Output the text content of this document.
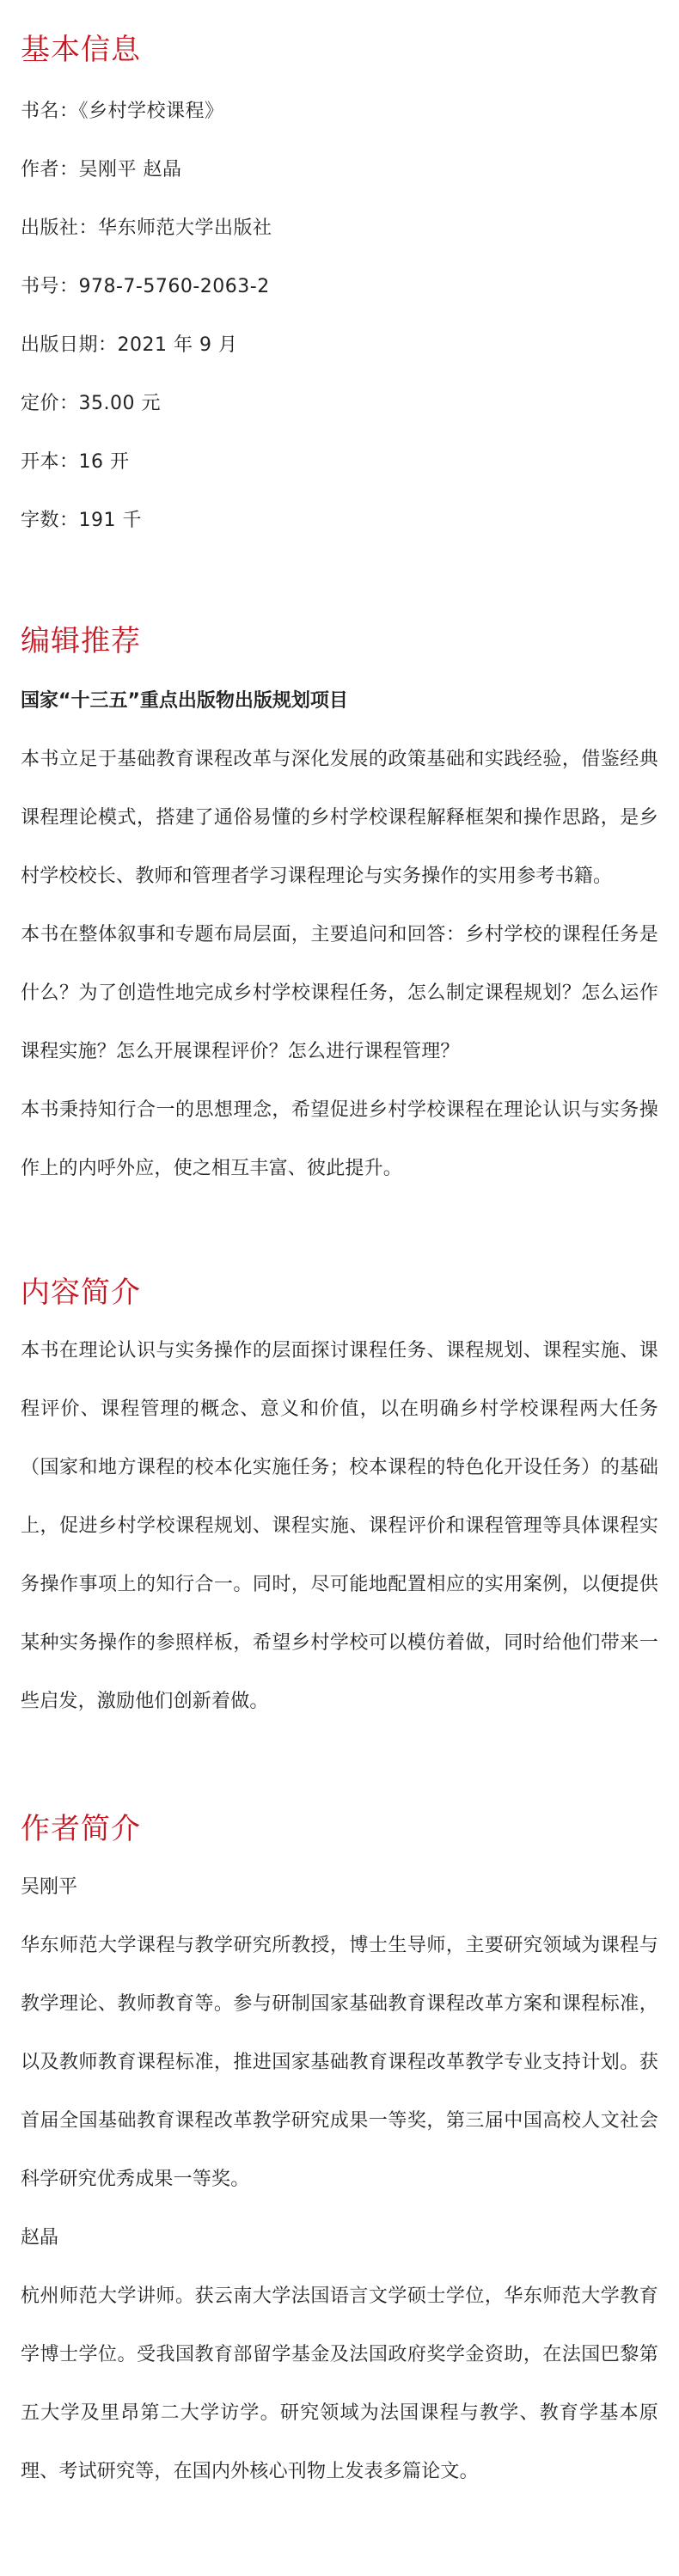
基本信息
书名：《乡村学校课程》
作者：吴刚平 赵晶
出版社：华东师范大学出版社
书号：978-7-5760-2063-2
出版日期：2021 年 9 月
定价：35.00 元
开本：16 开
字数：191 千
编辑推荐

国家“十三五”重点出版物出版规划项目

本书立足于基础教育课程改革与深化发展的政策基础和实践经验，借鉴经典课程理论模式，搭建了通俗易懂的乡村学校课程解释框架和操作思路，是乡村学校校长、教师和管理者学习课程理论与实务操作的实用参考书籍。

本书在整体叙事和专题布局层面，主要追问和回答：乡村学校的课程任务是什么？为了创造性地完成乡村学校课程任务，怎么制定课程规划？怎么运作课程实施？怎么开展课程评价？怎么进行课程管理？

本书秉持知行合一的思想理念，希望促进乡村学校课程在理论认识与实务操作上的内呼外应，使之相互丰富、彼此提升。

内容简介

本书在理论认识与实务操作的层面探讨课程任务、课程规划、课程实施、课程评价、课程管理的概念、意义和价值，以在明确乡村学校课程两大任务（国家和地方课程的校本化实施任务；校本课程的特色化开设任务）的基础上，促进乡村学校课程规划、课程实施、课程评价和课程管理等具体课程实务操作事项上的知行合一。同时，尽可能地配置相应的实用案例，以便提供某种实务操作的参照样板，希望乡村学校可以模仿着做，同时给他们带来一些启发，激励他们创新着做。

作者简介

吴刚平

华东师范大学课程与教学研究所教授，博士生导师，主要研究领域为课程与教学理论、教师教育等。参与研制国家基础教育课程改革方案和课程标准，以及教师教育课程标准，推进国家基础教育课程改革教学专业支持计划。获首届全国基础教育课程改革教学研究成果一等奖，第三届中国高校人文社会科学研究优秀成果一等奖。

赵晶

杭州师范大学讲师。获云南大学法国语言文学硕士学位，华东师范大学教育学博士学位。受我国教育部留学基金及法国政府奖学金资助，在法国巴黎第五大学及里昂第二大学访学。研究领域为法国课程与教学、教育学基本原理、考试研究等，在国内外核心刊物上发表多篇论文。
